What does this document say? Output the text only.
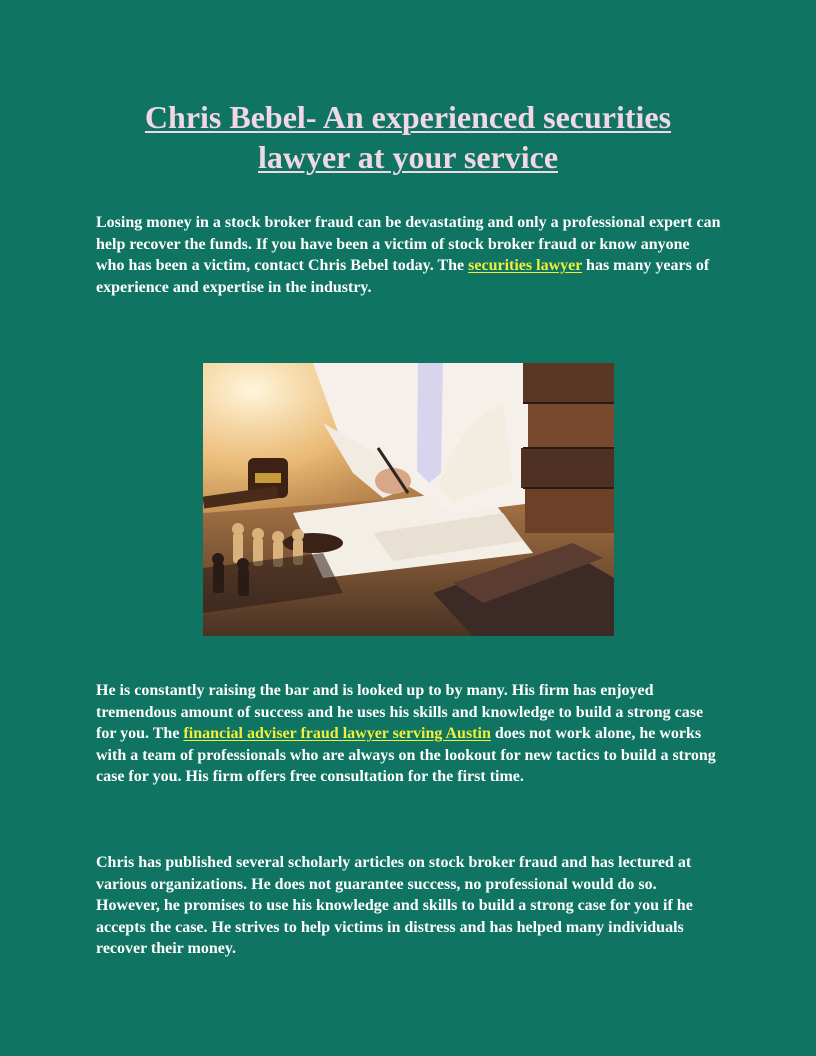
Chris Bebel- An experienced securities lawyer at your service

Losing money in a stock broker fraud can be devastating and only a professional expert can help recover the funds. If you have been a victim of stock broker fraud or know anyone who has been a victim, contact Chris Bebel today. The securities lawyer has many years of experience and expertise in the industry.

He is constantly raising the bar and is looked up to by many. His firm has enjoyed tremendous amount of success and he uses his skills and knowledge to build a strong case for you. The financial adviser fraud lawyer serving Austin does not work alone, he works with a team of professionals who are always on the lookout for new tactics to build a strong case for you. His firm offers free consultation for the first time.

Chris has published several scholarly articles on stock broker fraud and has lectured at various organizations. He does not guarantee success, no professional would do so. However, he promises to use his knowledge and skills to build a strong case for you if he accepts the case. He strives to help victims in distress and has helped many individuals recover their money.
